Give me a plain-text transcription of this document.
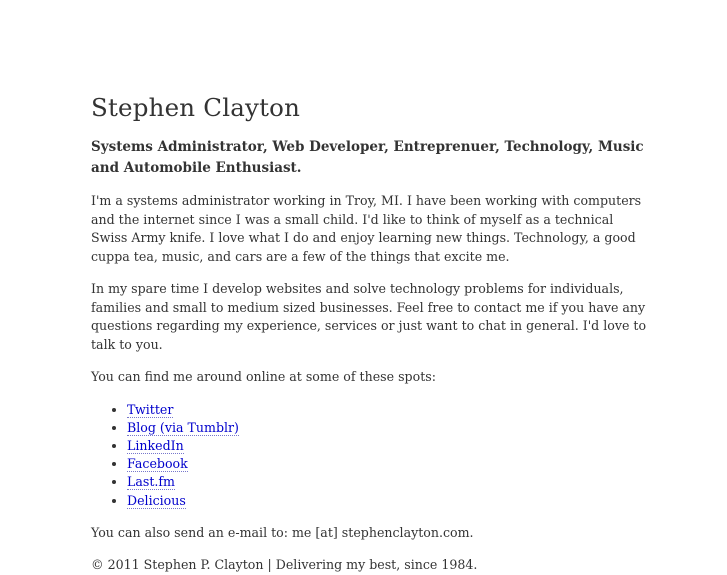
Stephen Clayton
Systems Administrator, Web Developer, Entreprenuer, Technology, Music and Automobile Enthusiast.

I'm a systems administrator working in Troy, MI. I have been working with computers and the internet since I was a small child. I'd like to think of myself as a technical Swiss Army knife. I love what I do and enjoy learning new things. Technology, a good cuppa tea, music, and cars are a few of the things that excite me.

In my spare time I develop websites and solve technology problems for individuals, families and small to medium sized businesses. Feel free to contact me if you have any questions regarding my experience, services or just want to chat in general. I'd love to talk to you.

You can find me around online at some of these spots:

• Twitter
• Blog (via Tumblr)
• LinkedIn
• Facebook
• Last.fm
• Delicious

You can also send an e-mail to: me [at] stephenclayton.com.

© 2011 Stephen P. Clayton | Delivering my best, since 1984.
